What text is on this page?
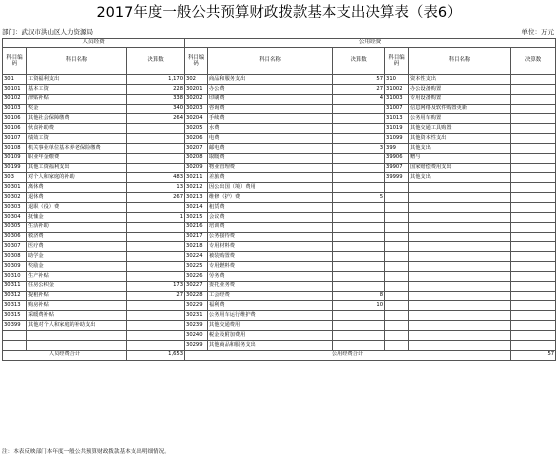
2017年度一般公共预算财政拨款基本支出决算表（表6）
部门：武汉市洪山区人力资源局	单位：万元
人员经费			公用经费					
科目编码	科目名称	决算数	科目编码	科目名称	决算数	科目编码	科目名称	决算数
301	工资福利支出	1,170	302	商品和服务支出	57	310	资本性支出	
30101	基本工资	228	30201	办公费	27	31002	办公设备购置	
30102	津贴补贴	338	30202	印刷费	4	31003	专用设备购置	
30103	奖金	340	30203	咨询费		31007	信息网络及软件购置更新	
30106	其他社会保障缴费	264	30204	手续费		31013	公务用车购置	
30106	伙食补助费		30205	水费		31019	其他交通工具购置	
30107	绩效工资		30206	电费		31099	其他资本性支出	
30108	机关事业单位基本养老保险缴费		30207	邮电费	3	399	其他支出	
30109	职业年金缴费		30208	取暖费		39906	赠与	
30199	其他工资福利支出		30209	物业管理费		39907	国家赔偿费用支出	
303	对个人和家庭的补助	483	30211	差旅费		39999	其他支出	
30301	离休费	13	30212	因公出国（境）费用				
30302	退休费	267	30213	维修（护）费	5			
30303	退职（役）费		30214	租赁费				
30304	抚恤金	1	30215	会议费				
30305	生活补助		30216	培训费				
30306	救济费		30217	公务接待费				
30307	医疗费		30218	专用材料费				
30308	助学金		30224	被装购置费				
30309	奖励金		30225	专用燃料费				
30310	生产补贴		30226	劳务费				
30311	住房公积金	173	30227	委托业务费				
30312	提租补贴	27	30228	工会经费	8			
30313	购房补贴		30229	福利费	10			
30315	采暖费补贴		30231	公务用车运行维护费				
30399	其他对个人和家庭的补助支出		30239	其他交通费用				
			30240	税金及附加费用				
			30299	其他商品和服务支出				
人员经费合计		1,653	公用经费合计					57
注：本表反映部门本年度一般公共预算财政拨款基本支出明细情况。
